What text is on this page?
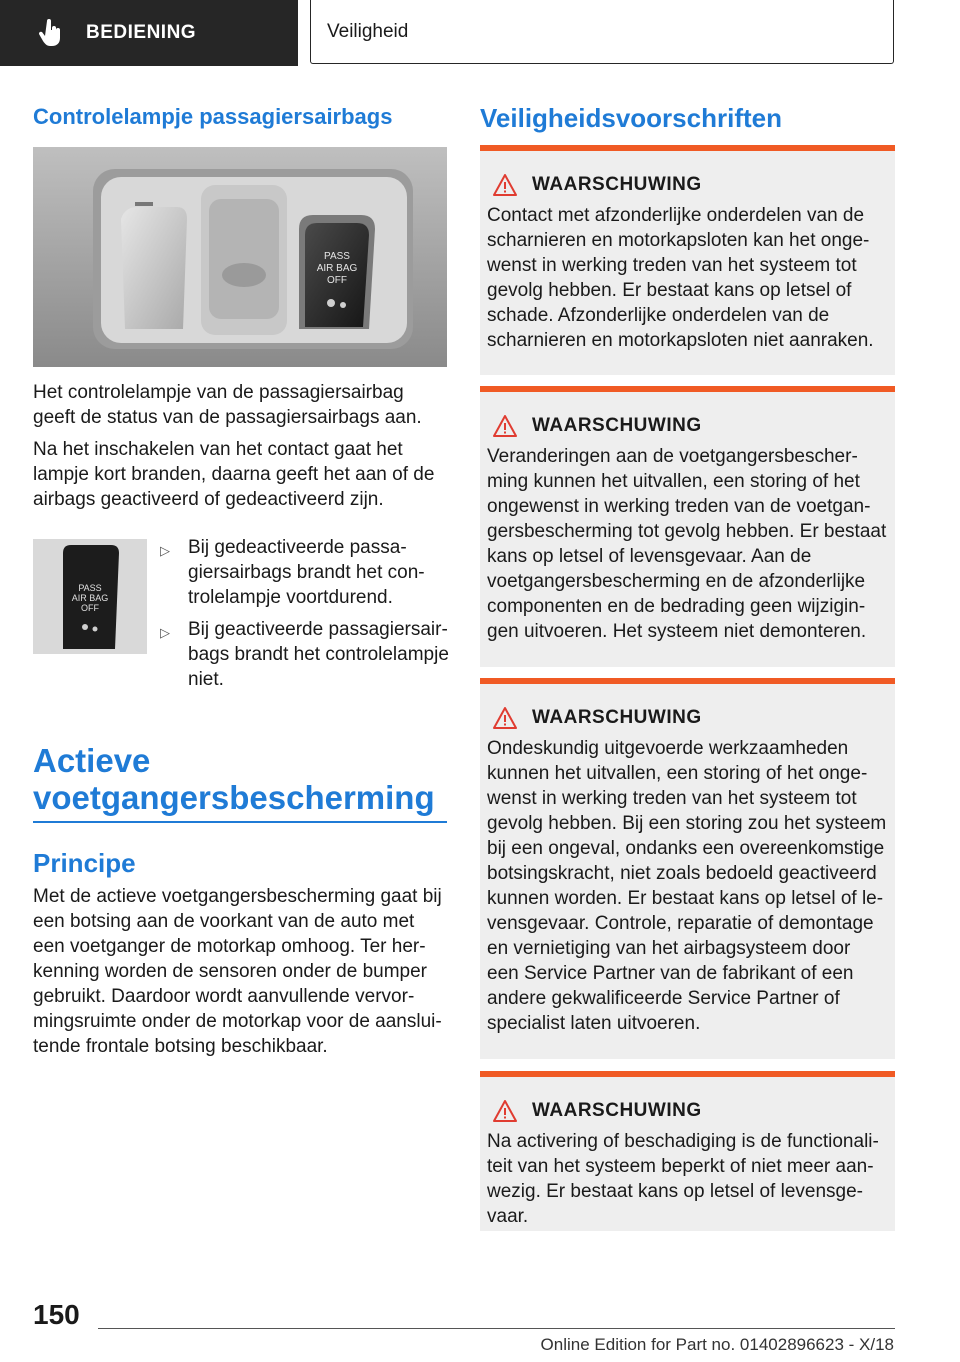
BEDIENING	Veiligheid
Controlelampje passagiersairbags
PASS
AIR BAG
OFF

Het controlelampje van de passagiersairbag geeft de status van de passagiersairbags aan.

Na het inschakelen van het contact gaat het lampje kort branden, daarna geeft het aan of de airbags geactiveerd of gedeactiveerd zijn.

PASS
AIR BAG
OFF
▷ Bij gedeactiveerde passagiersairbags brandt het controlelampje voortdurend.
▷ Bij geactiveerde passagiersairbags brandt het controlelampje niet.
Actieve voetgangersbescherming
Principe
Met de actieve voetgangersbescherming gaat bij een botsing aan de voorkant van de auto met een voetganger de motorkap omhoog. Ter herkenning worden de sensoren onder de bumper gebruikt. Daardoor wordt aanvullende vervormingsruimte onder de motorkap voor de aansluitende frontale botsing beschikbaar.
Veiligheidsvoorschriften
WAARSCHUWING
Contact met afzonderlijke onderdelen van de scharnieren en motorkapsloten kan het ongewenst in werking treden van het systeem tot gevolg hebben. Er bestaat kans op letsel of schade. Afzonderlijke onderdelen van de scharnieren en motorkapsloten niet aanraken.
WAARSCHUWING
Veranderingen aan de voetgangersbescherming kunnen het uitvallen, een storing of het ongewenst in werking treden van de voetgangersbescherming tot gevolg hebben. Er bestaat kans op letsel of levensgevaar. Aan de voetgangersbescherming en de afzonderlijke componenten en de bedrading geen wijzigingen uitvoeren. Het systeem niet demonteren.
WAARSCHUWING
Ondeskundig uitgevoerde werkzaamheden kunnen het uitvallen, een storing of het ongewenst in werking treden van het systeem tot gevolg hebben. Bij een storing zou het systeem bij een ongeval, ondanks een overeenkomstige botsingskracht, niet zoals bedoeld geactiveerd kunnen worden. Er bestaat kans op letsel of levensgevaar. Controle, reparatie of demontage en vernietiging van het airbagsysteem door een Service Partner van de fabrikant of een andere gekwalificeerde Service Partner of specialist laten uitvoeren.
WAARSCHUWING
Na activering of beschadiging is de functionaliteit van het systeem beperkt of niet meer aanwezig. Er bestaat kans op letsel of levensgevaar.
150
Online Edition for Part no. 01402896623 - X/18
